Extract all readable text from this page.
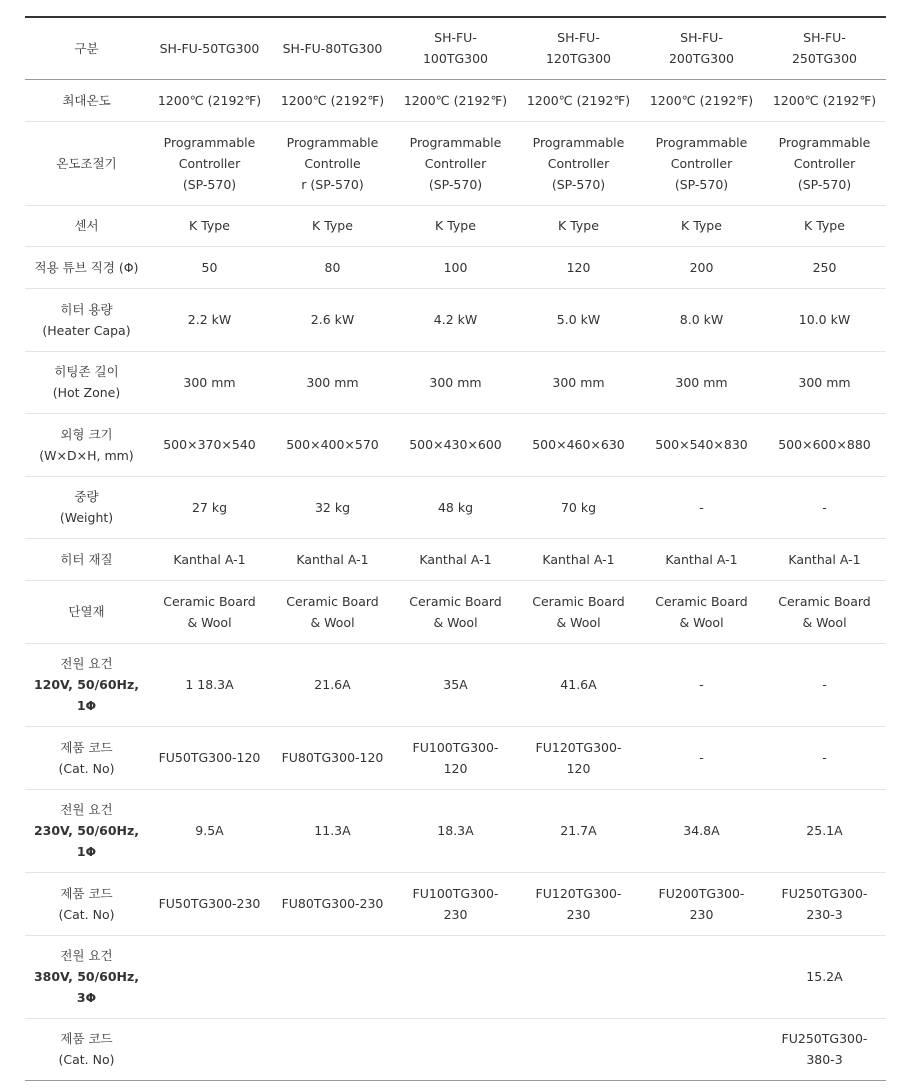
구분	SH-FU-50TG300	SH-FU-80TG300	SH-FU-
100TG300	SH-FU-
120TG300	SH-FU-
200TG300	SH-FU-
250TG300

최대온도	1200℃ (2192℉)	1200℃ (2192℉)	1200℃ (2192℉)	1200℃ (2192℉)	1200℃ (2192℉)	1200℃ (2192℉)

온도조절기	Programmable
Controller
(SP-570)	Programmable
Controlle
r (SP-570)	Programmable
Controller
(SP-570)	Programmable
Controller
(SP-570)	Programmable
Controller
(SP-570)	Programmable
Controller
(SP-570)

센서	K Type	K Type	K Type	K Type	K Type	K Type

적용 튜브 직경 (Φ)	50	80	100	120	200	250

히터 용량
(Heater Capa)	2.2 kW	2.6 kW	4.2 kW	5.0 kW	8.0 kW	10.0 kW

히팅존 길이
(Hot Zone)	300 mm	300 mm	300 mm	300 mm	300 mm	300 mm

외형 크기
(W×D×H, mm)	500×370×540	500×400×570	500×430×600	500×460×630	500×540×830	500×600×880

중량
(Weight)	27 kg	32 kg	48 kg	70 kg	-	-

히터 재질	Kanthal A-1	Kanthal A-1	Kanthal A-1	Kanthal A-1	Kanthal A-1	Kanthal A-1

단열재	Ceramic Board
& Wool	Ceramic Board
& Wool	Ceramic Board
& Wool	Ceramic Board
& Wool	Ceramic Board
& Wool	Ceramic Board
& Wool

전원 요건
120V, 50/60Hz,
1Φ	1 18.3A	21.6A	35A	41.6A	-	-

제품 코드
(Cat. No)	FU50TG300-120	FU80TG300-120	FU100TG300-
120	FU120TG300-
120	-	-

전원 요건
230V, 50/60Hz,
1Φ	9.5A	11.3A	18.3A	21.7A	34.8A	25.1A

제품 코드
(Cat. No)	FU50TG300-230	FU80TG300-230	FU100TG300-
230	FU120TG300-
230	FU200TG300-
230	FU250TG300-
230-3

전원 요건
380V, 50/60Hz,
3Φ						15.2A

제품 코드
(Cat. No)						FU250TG300-
380-3
